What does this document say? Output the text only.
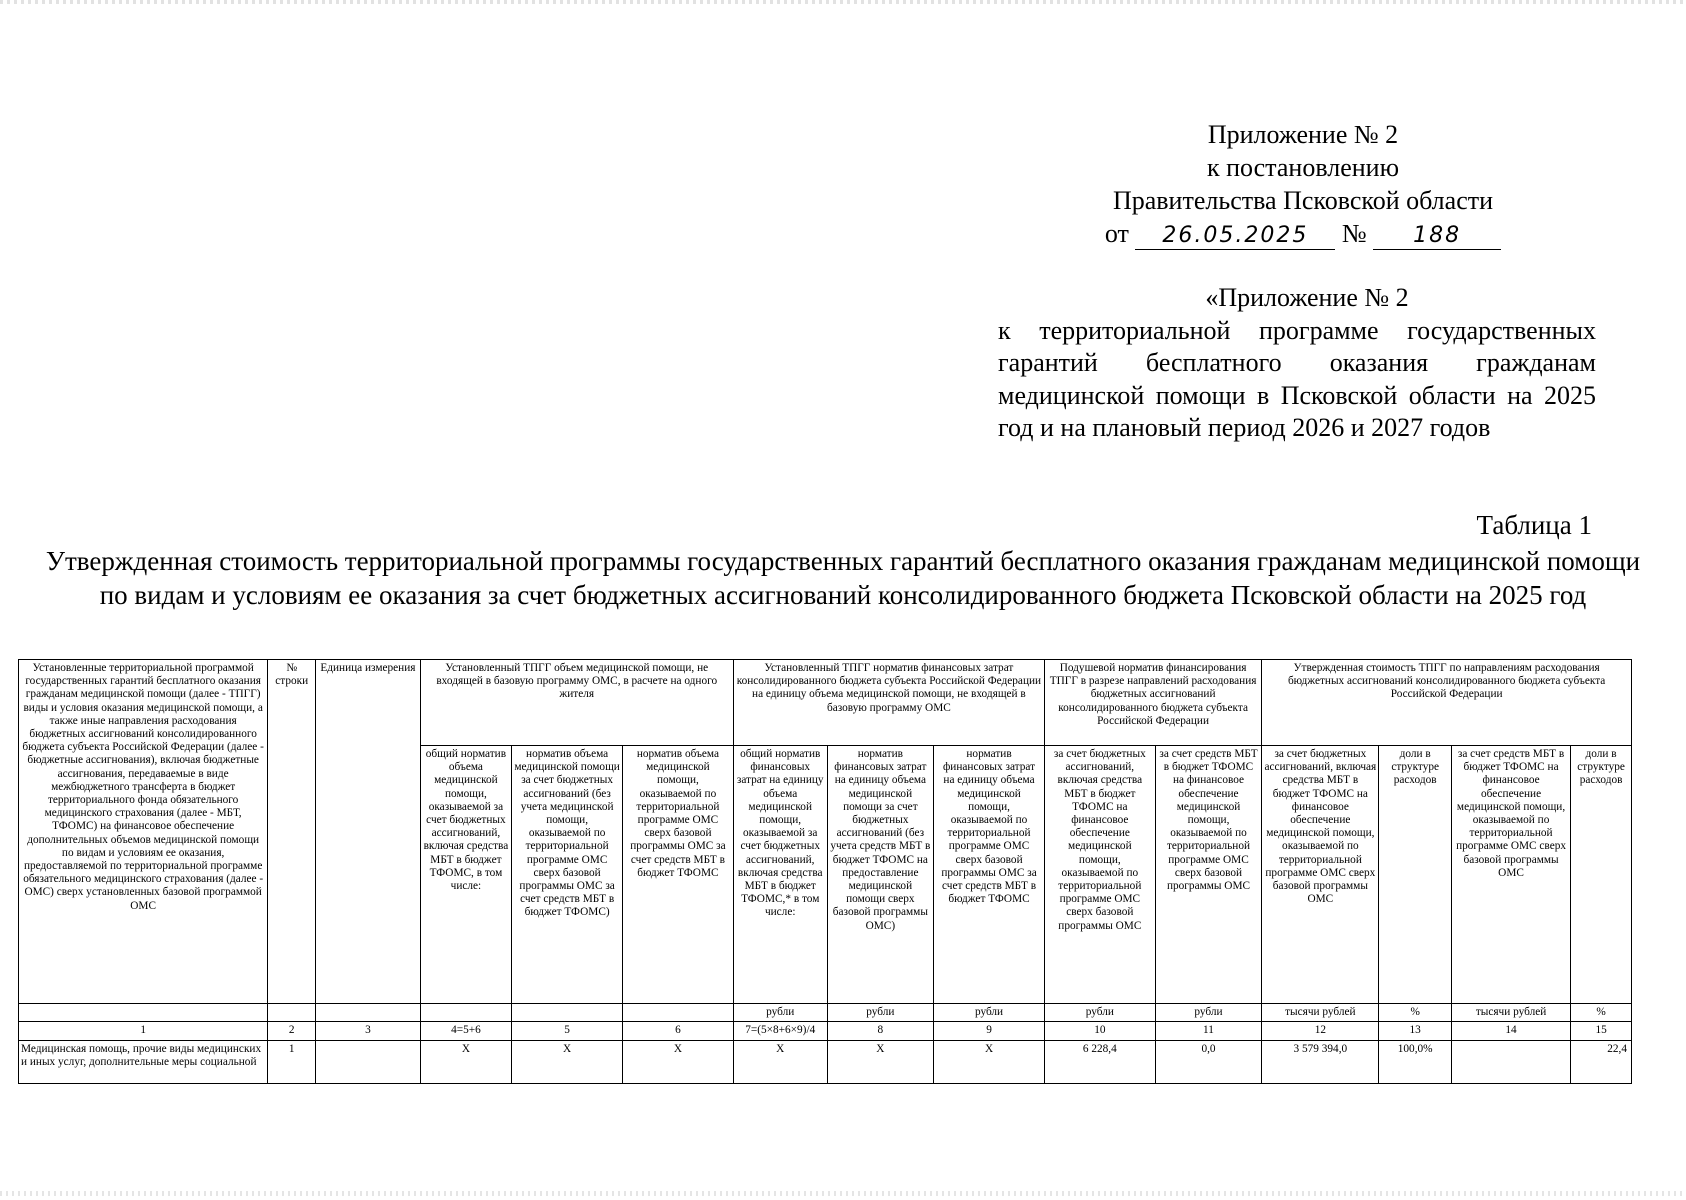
Приложение № 2
к постановлению
Правительства Псковской области
от 26.05.2025 № 188
«Приложение № 2
к территориальной программе государственных гарантий бесплатного оказания гражданам медицинской помощи в Псковской области на 2025 год и на плановый период 2026 и 2027 годов
Таблица 1
Утвержденная стоимость территориальной программы государственных гарантий бесплатного оказания гражданам медицинской помощи по видам и условиям ее оказания за счет бюджетных ассигнований консолидированного бюджета Псковской области на 2025 год
Установленные территориальной программой государственных гарантий бесплатного оказания гражданам медицинской помощи (далее - ТПГГ) виды и условия оказания медицинской помощи, а также иные направления расходования бюджетных ассигнований консолидированного бюджета субъекта Российской Федерации (далее - бюджетные ассигнования), включая бюджетные ассигнования, передаваемые в виде межбюджетного трансферта в бюджет территориального фонда обязательного медицинского страхования (далее - МБТ, ТФОМС) на финансовое обеспечение дополнительных объемов медицинской помощи по видам и условиям ее оказания, предоставляемой по территориальной программе обязательного медицинского страхования (далее - ОМС) сверх установленных базовой программой ОМС	№ строки	Единица измерения	Установленный ТПГГ объем медицинской помощи, не входящей в базовую программу ОМС, в расчете на одного жителя			Установленный ТПГГ норматив финансовых затрат консолидированного бюджета субъекта Российской Федерации на единицу объема медицинской помощи, не входящей в базовую программу ОМС			Подушевой норматив финансирования ТПГГ в разрезе направлений расходования бюджетных ассигнований консолидированного бюджета субъекта Российской Федерации		Утвержденная стоимость ТПГГ по направлениям расходования бюджетных ассигнований консолидированного бюджета субъекта Российской Федерации			
			общий норматив объема медицинской помощи, оказываемой за счет бюджетных ассигнований, включая средства МБТ в бюджет ТФОМС, в том числе:	норматив объема медицинской помощи за счет бюджетных ассигнований (без учета медицинской помощи, оказываемой по территориальной программе ОМС сверх базовой программы ОМС за счет средств МБТ в бюджет ТФОМС)	норматив объема медицинской помощи, оказываемой по территориальной программе ОМС сверх базовой программы ОМС за счет средств МБТ в бюджет ТФОМС	общий норматив финансовых затрат на единицу объема медицинской помощи, оказываемой за счет бюджетных ассигнований, включая средства МБТ в бюджет ТФОМС,* в том числе:	норматив финансовых затрат на единицу объема медицинской помощи за счет бюджетных ассигнований (без учета средств МБТ в бюджет ТФОМС на предоставление медицинской помощи сверх базовой программы ОМС)	норматив финансовых затрат на единицу объема медицинской помощи, оказываемой по территориальной программе ОМС сверх базовой программы ОМС за счет средств МБТ в бюджет ТФОМС	за счет бюджетных ассигнований, включая средства МБТ в бюджет ТФОМС на финансовое обеспечение медицинской помощи, оказываемой по территориальной программе ОМС сверх базовой программы ОМС	за счет средств МБТ в бюджет ТФОМС на финансовое обеспечение медицинской помощи, оказываемой по территориальной программе ОМС сверх базовой программы ОМС	за счет бюджетных ассигнований, включая средства МБТ в бюджет ТФОМС на финансовое обеспечение медицинской помощи, оказываемой по территориальной программе ОМС сверх базовой программы ОМС	доли в структуре расходов	за счет средств МБТ в бюджет ТФОМС на финансовое обеспечение медицинской помощи, оказываемой по территориальной программе ОМС сверх базовой программы ОМС	доли в структуре расходов
						рубли	рубли	рубли	рубли	рубли	тысячи рублей	%	тысячи рублей	%
1	2	3	4=5+6	5	6	7=(5×8+6×9)/4	8	9	10	11	12	13	14	15
Медицинская помощь, прочие виды медицинских и иных услуг, дополнительные меры социальной	1		X	X	X	X	X	X	6 228,4	0,0	3 579 394,0	100,0%		22,4
